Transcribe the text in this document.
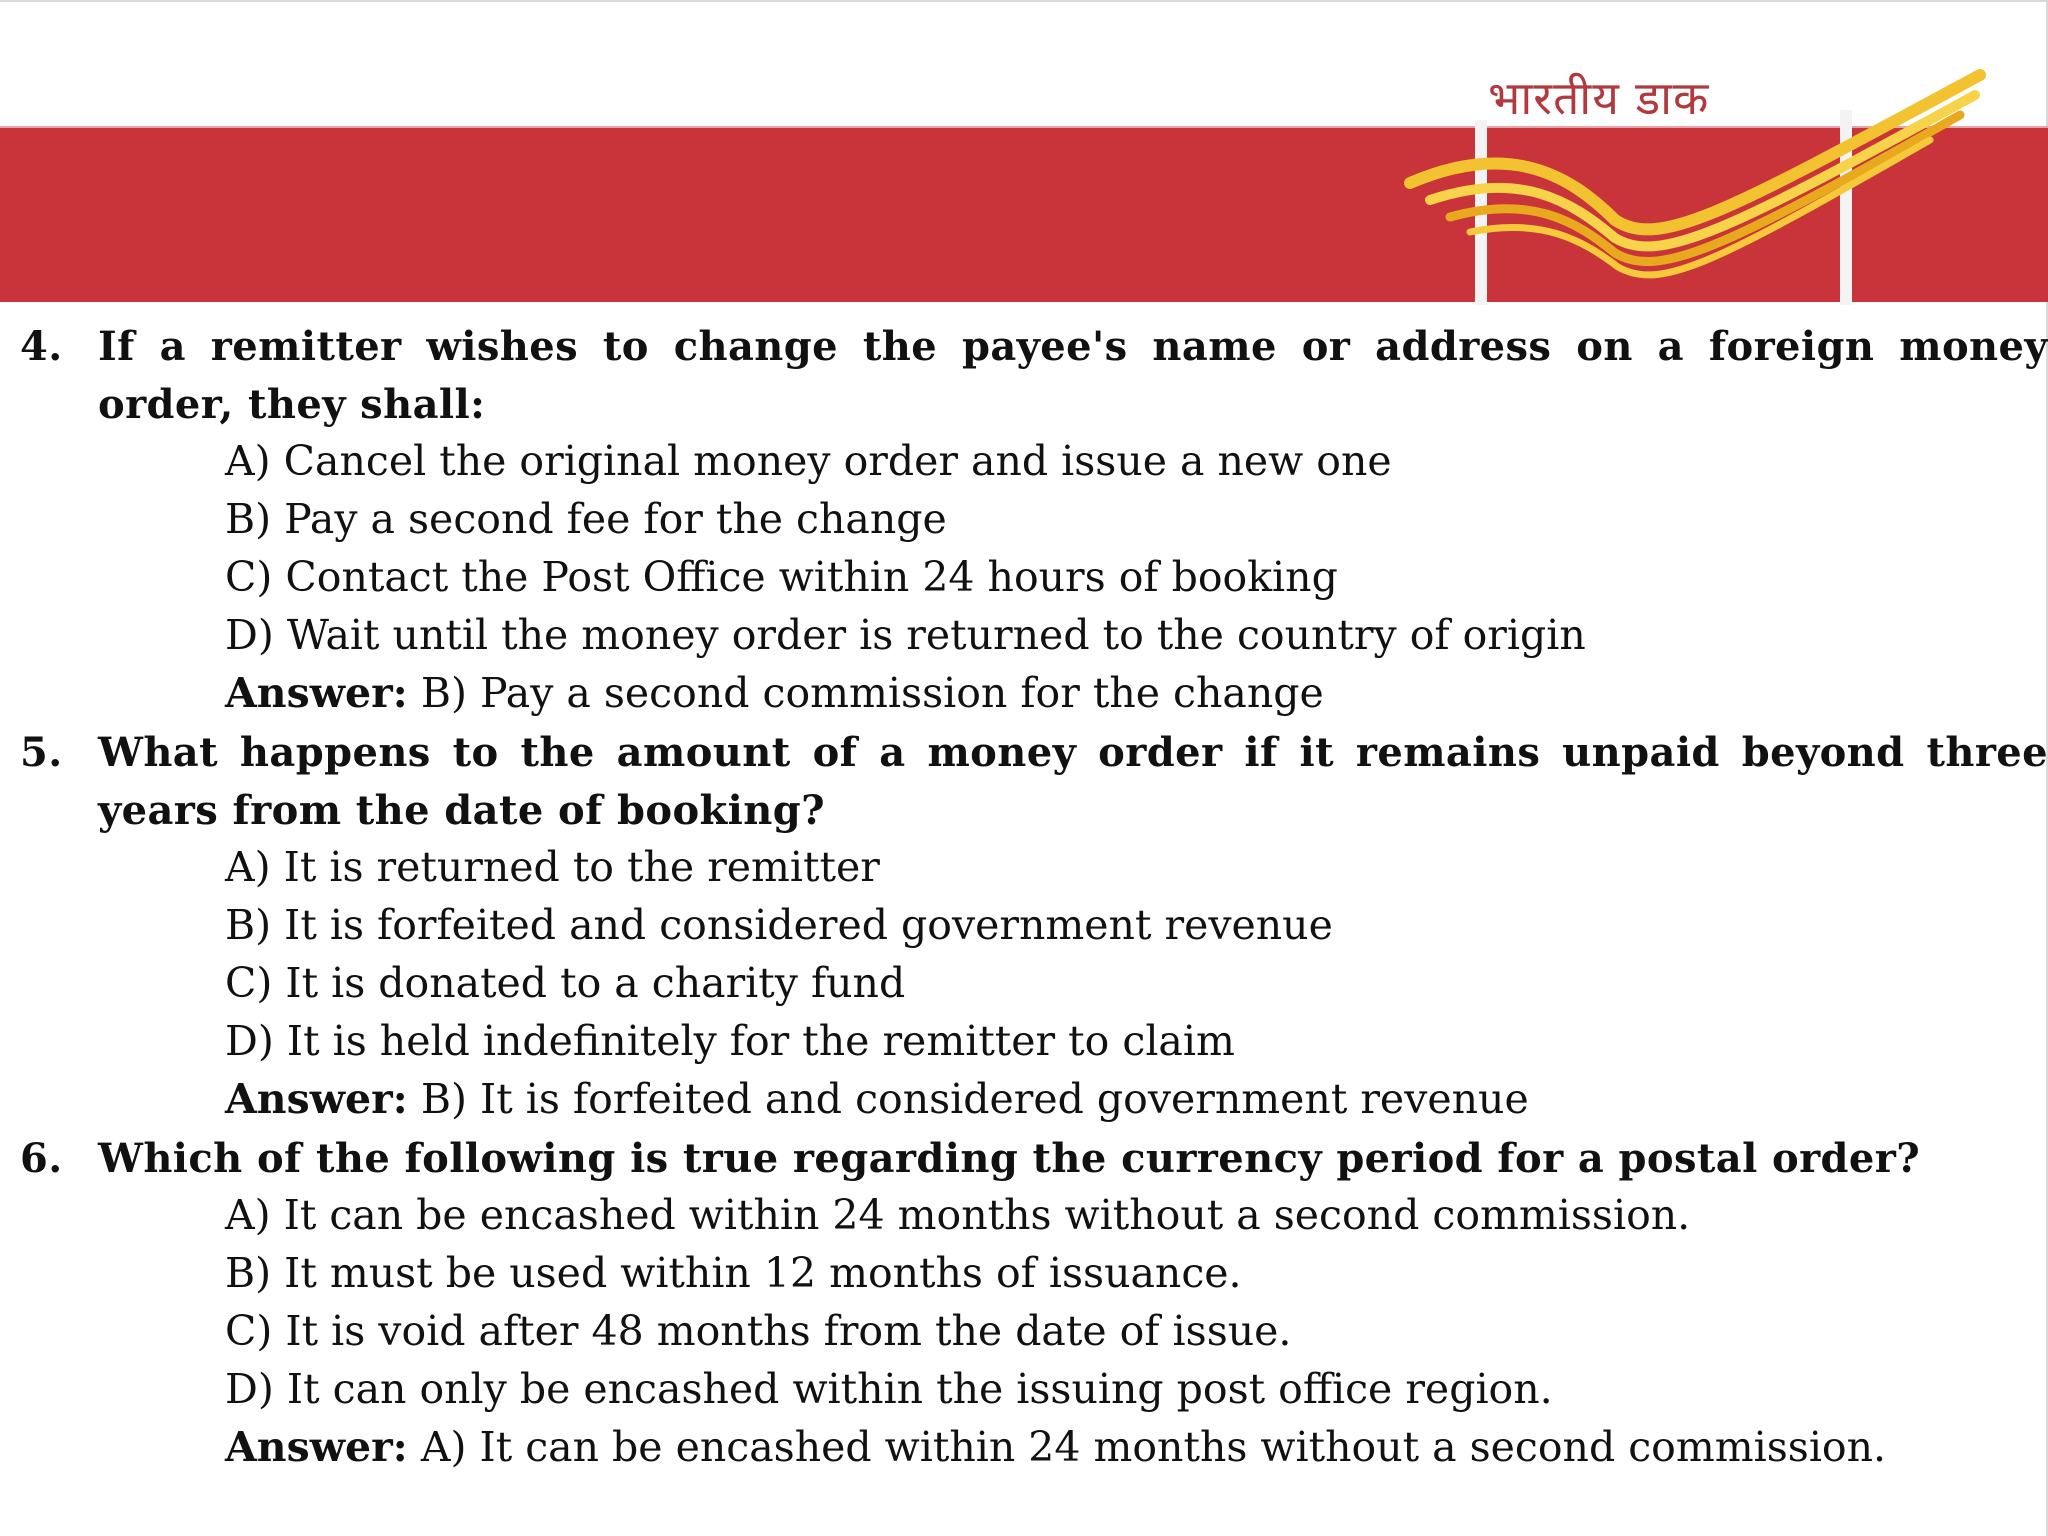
भारतीय डाक
4. If a remitter wishes to change the payee's name or address on a foreign money order, they shall:
A) Cancel the original money order and issue a new one
B) Pay a second fee for the change
C) Contact the Post Office within 24 hours of booking
D) Wait until the money order is returned to the country of origin
Answer: B) Pay a second commission for the change
5. What happens to the amount of a money order if it remains unpaid beyond three years from the date of booking?
A) It is returned to the remitter
B) It is forfeited and considered government revenue
C) It is donated to a charity fund
D) It is held indefinitely for the remitter to claim
Answer: B) It is forfeited and considered government revenue
6. Which of the following is true regarding the currency period for a postal order?
A) It can be encashed within 24 months without a second commission.
B) It must be used within 12 months of issuance.
C) It is void after 48 months from the date of issue.
D) It can only be encashed within the issuing post office region.
Answer: A) It can be encashed within 24 months without a second commission.
